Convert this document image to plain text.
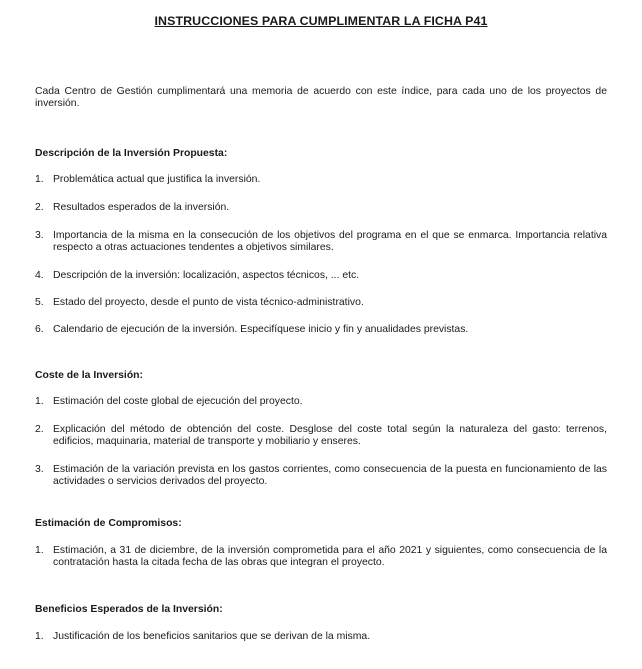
INSTRUCCIONES PARA CUMPLIMENTAR LA FICHA P41
Cada Centro de Gestión cumplimentará una memoria de acuerdo con este índice, para cada uno de los proyectos de inversión.
Descripción de la Inversión Propuesta:
1. Problemática actual que justifica la inversión.
2. Resultados esperados de la inversión.
3. Importancia de la misma en la consecución de los objetivos del programa en el que se enmarca. Importancia relativa respecto a otras actuaciones tendentes a objetivos similares.
4. Descripción de la inversión: localización, aspectos técnicos, ... etc.
5. Estado del proyecto, desde el punto de vista técnico-administrativo.
6. Calendario de ejecución de la inversión. Especifíquese inicio y fin y anualidades previstas.
Coste de la Inversión:
1. Estimación del coste global de ejecución del proyecto.
2. Explicación del método de obtención del coste. Desglose del coste total según la naturaleza del gasto: terrenos, edificios, maquinaria, material de transporte y mobiliario y enseres.
3. Estimación de la variación prevista en los gastos corrientes, como consecuencia de la puesta en funcionamiento de las actividades o servicios derivados del proyecto.
Estimación de Compromisos:
1. Estimación, a 31 de diciembre, de la inversión comprometida para el año 2021 y siguientes, como consecuencia de la contratación hasta la citada fecha de las obras que integran el proyecto.
Beneficios Esperados de la Inversión:
1. Justificación de los beneficios sanitarios que se derivan de la misma.
